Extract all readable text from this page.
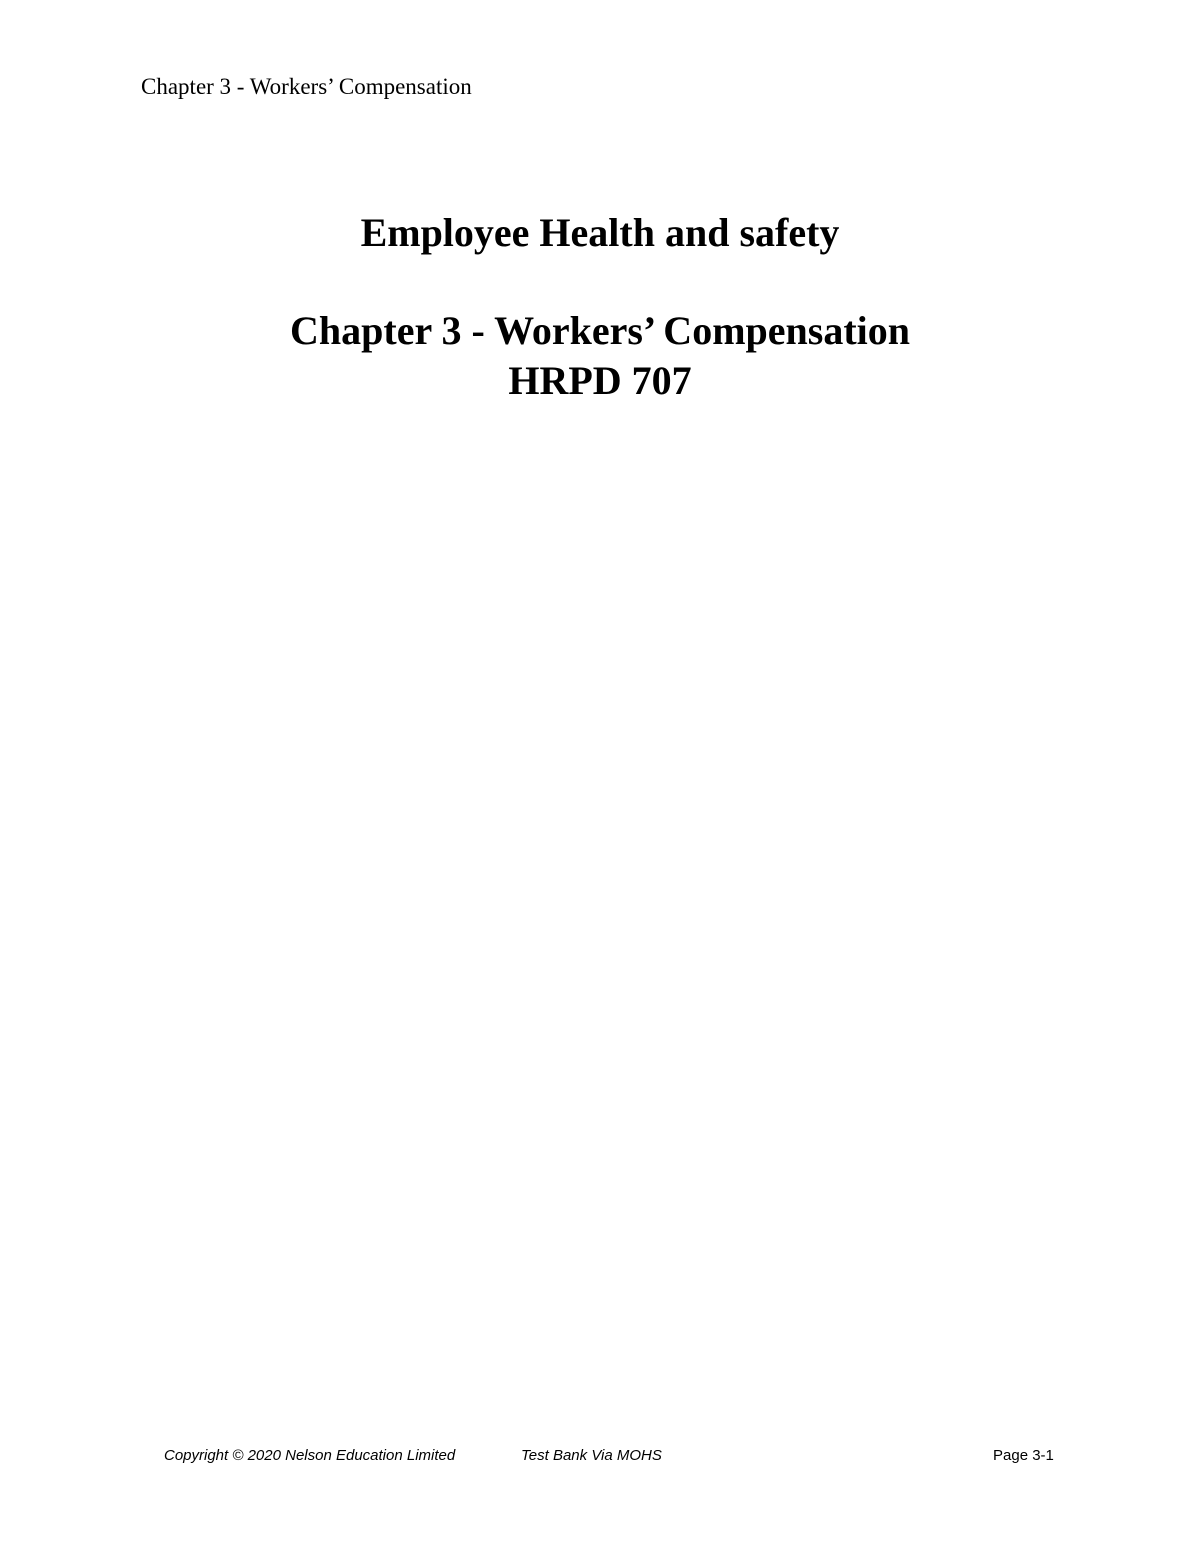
Chapter 3 - Workers’ Compensation
Employee Health and safety
Chapter 3 - Workers’ Compensation
HRPD 707
Copyright © 2020 Nelson Education Limited	Test Bank Via MOHS	Page 3-1
